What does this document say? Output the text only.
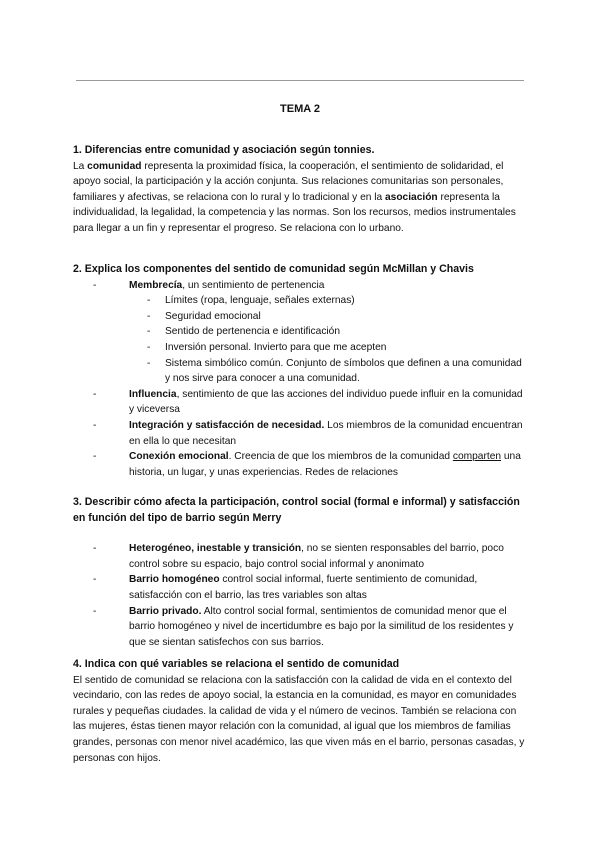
TEMA 2
1. Diferencias entre comunidad y asociación según tonnies.

La comunidad representa la proximidad física, la cooperación, el sentimiento de solidaridad, el apoyo social, la participación y la acción conjunta. Sus relaciones comunitarias son personales, familiares y afectivas, se relaciona con lo rural y lo tradicional y en la asociación representa la individualidad, la legalidad, la competencia y las normas. Son los recursos, medios instrumentales para llegar a un fin y representar el progreso. Se relaciona con lo urbano.

2. Explica los componentes del sentido de comunidad según McMillan y Chavis
- Membrecía, un sentimiento de pertenencia
- Límites (ropa, lenguaje, señales externas)
- Seguridad emocional
- Sentido de pertenencia e identificación
- Inversión personal. Invierto para que me acepten
- Sistema simbólico común. Conjunto de símbolos que definen a una comunidad y nos sirve para conocer a una comunidad.
- Influencia, sentimiento de que las acciones del individuo puede influir en la comunidad y viceversa
- Integración y satisfacción de necesidad. Los miembros de la comunidad encuentran en ella lo que necesitan
- Conexión emocional. Creencia de que los miembros de la comunidad comparten una historia, un lugar, y unas experiencias. Redes de relaciones
3. Describir cómo afecta la participación, control social (formal e informal) y satisfacción en función del tipo de barrio según Merry
- Heterogéneo, inestable y transición, no se sienten responsables del barrio, poco control sobre su espacio, bajo control social informal y anonimato
- Barrio homogéneo control social informal, fuerte sentimiento de comunidad, satisfacción con el barrio, las tres variables son altas
- Barrio privado. Alto control social formal, sentimientos de comunidad menor que el barrio homogéneo y nivel de incertidumbre es bajo por la similitud de los residentes y que se sientan satisfechos con sus barrios.
4. Indica con qué variables se relaciona el sentido de comunidad

El sentido de comunidad se relaciona con la satisfacción con la calidad de vida en el contexto del vecindario, con las redes de apoyo social, la estancia en la comunidad, es mayor en comunidades rurales y pequeñas ciudades. la calidad de vida y el número de vecinos. También se relaciona con las mujeres, éstas tienen mayor relación con la comunidad, al igual que los miembros de familias grandes, personas con menor nivel académico, las que viven más en el barrio, personas casadas, y personas con hijos.
